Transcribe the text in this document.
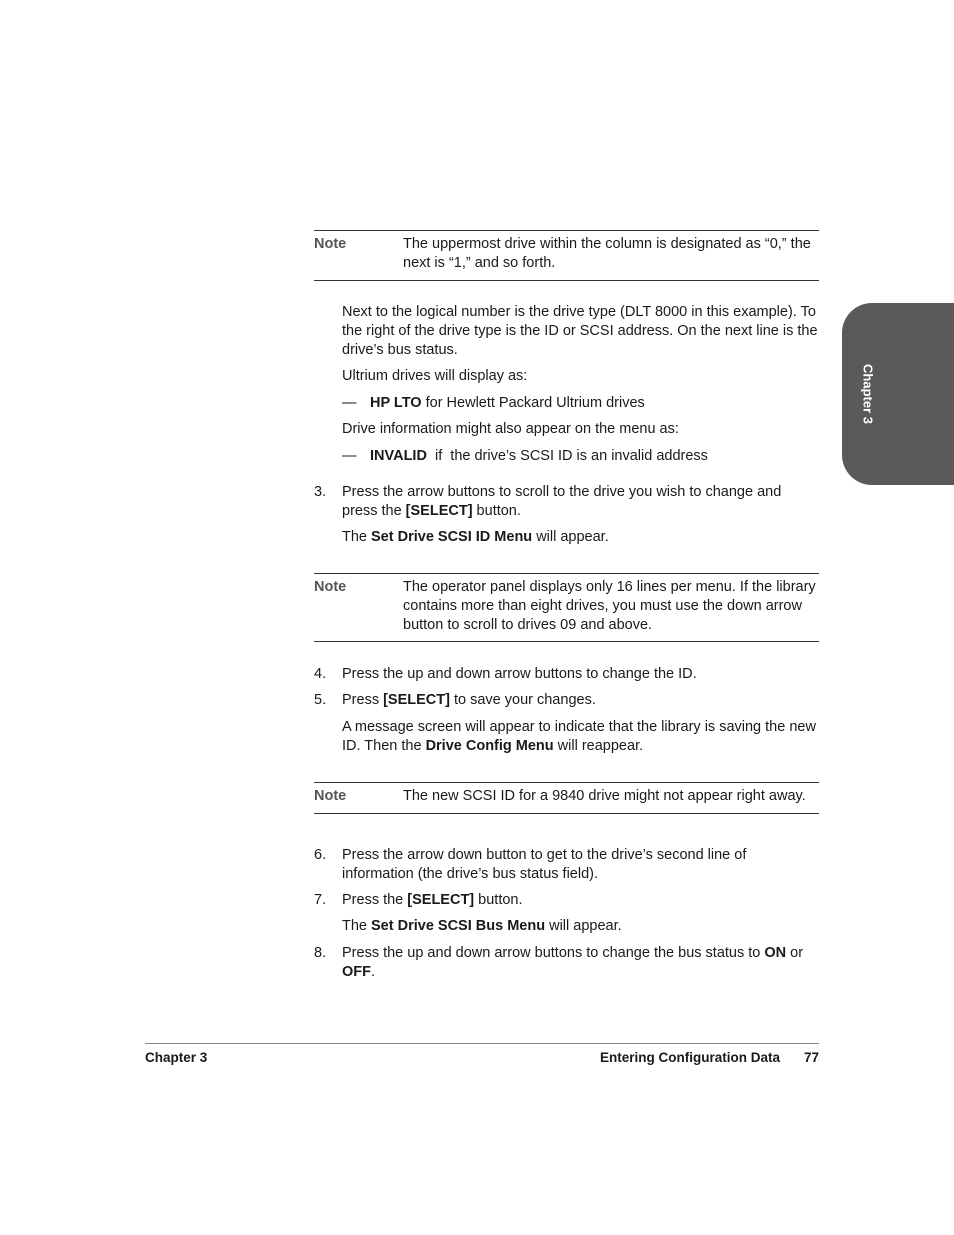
Chapter 3
Note	The uppermost drive within the column is designated as “0,” the next is “1,” and so forth.
Next to the logical number is the drive type (DLT 8000 in this example). To the right of the drive type is the ID or SCSI address. On the next line is the drive’s bus status.
Ultrium drives will display as:
— HP LTO for Hewlett Packard Ultrium drives
Drive information might also appear on the menu as:
— INVALID  if  the drive’s SCSI ID is an invalid address
3. Press the arrow buttons to scroll to the drive you wish to change and press the [SELECT] button.
The Set Drive SCSI ID Menu will appear.
Note	The operator panel displays only 16 lines per menu. If the library contains more than eight drives, you must use the down arrow button to scroll to drives 09 and above.
4. Press the up and down arrow buttons to change the ID.
5. Press [SELECT] to save your changes.
A message screen will appear to indicate that the library is saving the new ID. Then the Drive Config Menu will reappear.
Note	The new SCSI ID for a 9840 drive might not appear right away.
6. Press the arrow down button to get to the drive’s second line of information (the drive’s bus status field).
7. Press the [SELECT] button.
The Set Drive SCSI Bus Menu will appear.
8. Press the up and down arrow buttons to change the bus status to ON or OFF.
Chapter 3	Entering Configuration Data 77
